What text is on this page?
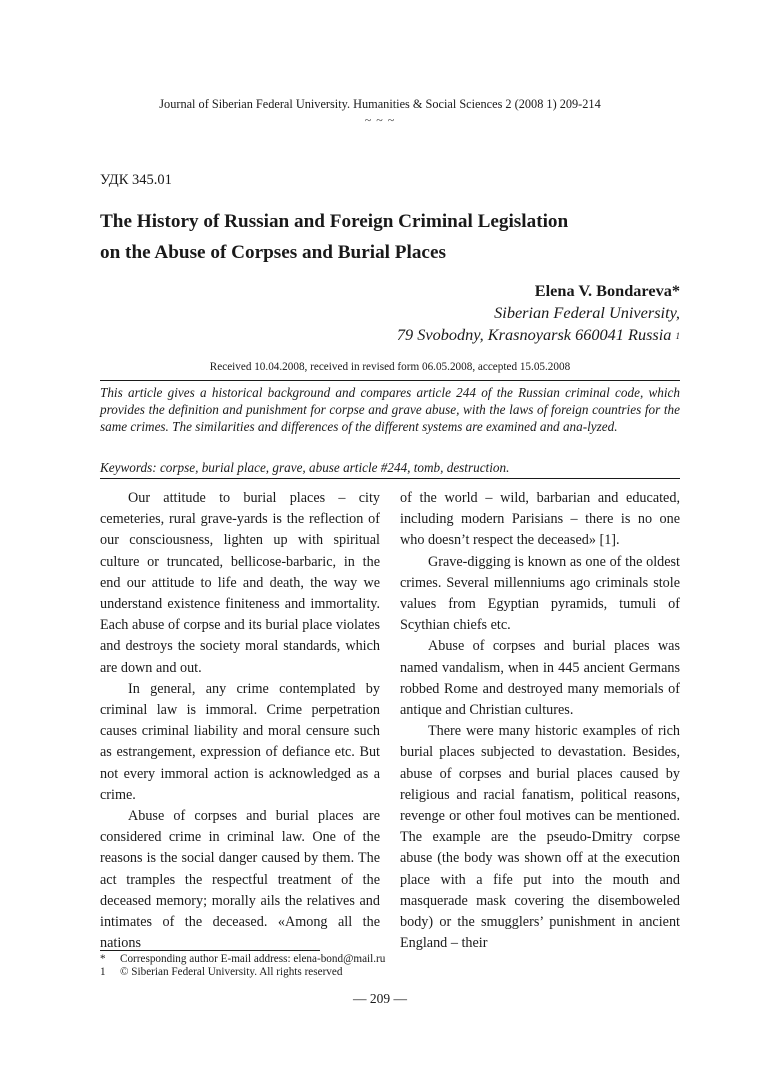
Journal of Siberian Federal University. Humanities & Social Sciences 2 (2008 1) 209-214
~ ~ ~
УДК 345.01
The History of Russian and Foreign Criminal Legislation
on the Abuse of Corpses and Burial Places
Elena V. Bondareva*
Siberian Federal University,
79 Svobodny, Krasnoyarsk 660041 Russia $^1$
Received 10.04.2008, received in revised form 06.05.2008, accepted 15.05.2008
This article gives a historical background and compares article 244 of the Russian criminal code, which provides the definition and punishment for corpse and grave abuse, with the laws of foreign countries for the same crimes. The similarities and differences of the different systems are examined and ana-lyzed.
Keywords: corpse, burial place, grave, abuse article #244, tomb, destruction.

Our attitude to burial places – city cemeteries, rural grave-yards is the reflection of our consciousness, lighten up with spiritual culture or truncated, bellicose-barbaric, in the end our attitude to life and death, the way we understand existence finiteness and immortality. Each abuse of corpse and its burial place violates and destroys the society moral standards, which are down and out.

In general, any crime contemplated by criminal law is immoral. Crime perpetration causes criminal liability and moral censure such as estrangement, expression of defiance etc. But not every immoral action is acknowledged as a crime.

Abuse of corpses and burial places are considered crime in criminal law. One of the reasons is the social danger caused by them. The act tramples the respectful treatment of the deceased memory; morally ails the relatives and intimates of the deceased. «Among all the nations

of the world – wild, barbarian and educated, including modern Parisians – there is no one who doesn’t respect the deceased» [1].

Grave-digging is known as one of the oldest crimes. Several millenniums ago criminals stole values from Egyptian pyramids, tumuli of Scythian chiefs etc.

Abuse of corpses and burial places was named vandalism, when in 445 ancient Germans robbed Rome and destroyed many memorials of antique and Christian cultures.

There were many historic examples of rich burial places subjected to devastation. Besides, abuse of corpses and burial places caused by religious and racial fanatism, political reasons, revenge or other foul motives can be mentioned. The example are the pseudo-Dmitry corpse abuse (the body was shown off at the execution place with a fife put into the mouth and masquerade mask covering the disemboweled body) or the smugglers’ punishment in ancient England – their

* Corresponding author E-mail address: elena-bond@mail.ru
1 © Siberian Federal University. All rights reserved
— 209 —
